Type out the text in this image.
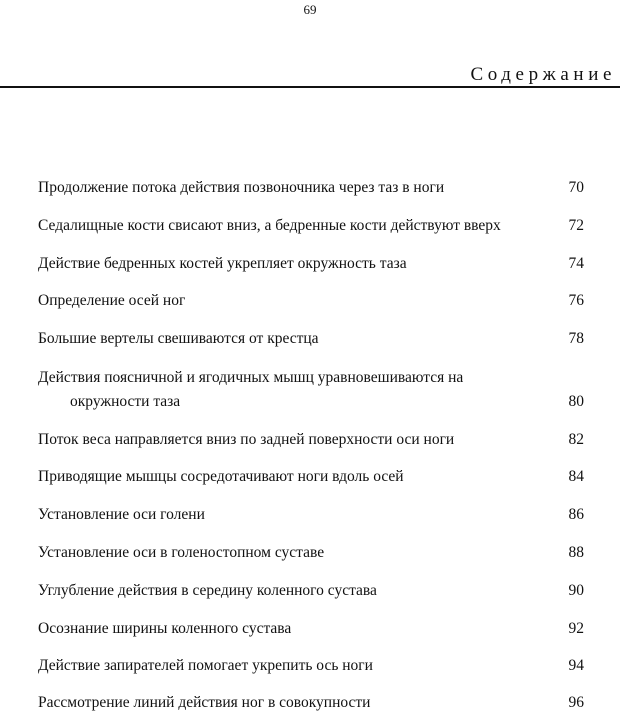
69
Содержание
Продолжение потока действия позвоночника через таз в ноги	70
Седалищные кости свисают вниз, а бедренные кости действуют вверх	72
Действие бедренных костей укрепляет окружность таза	74
Определение осей ног	76
Большие вертелы свешиваются от крестца	78
Действия поясничной и ягодичных мышц уравновешиваются на окружности таза	80
Поток веса направляется вниз по задней поверхности оси ноги	82
Приводящие мышцы сосредотачивают ноги вдоль осей	84
Установление оси голени	86
Установление оси в голеностопном суставе	88
Углубление действия в середину коленного сустава	90
Осознание ширины коленного сустава	92
Действие запирателей помогает укрепить ось ноги	94
Рассмотрение линий действия ног в совокупности	96
